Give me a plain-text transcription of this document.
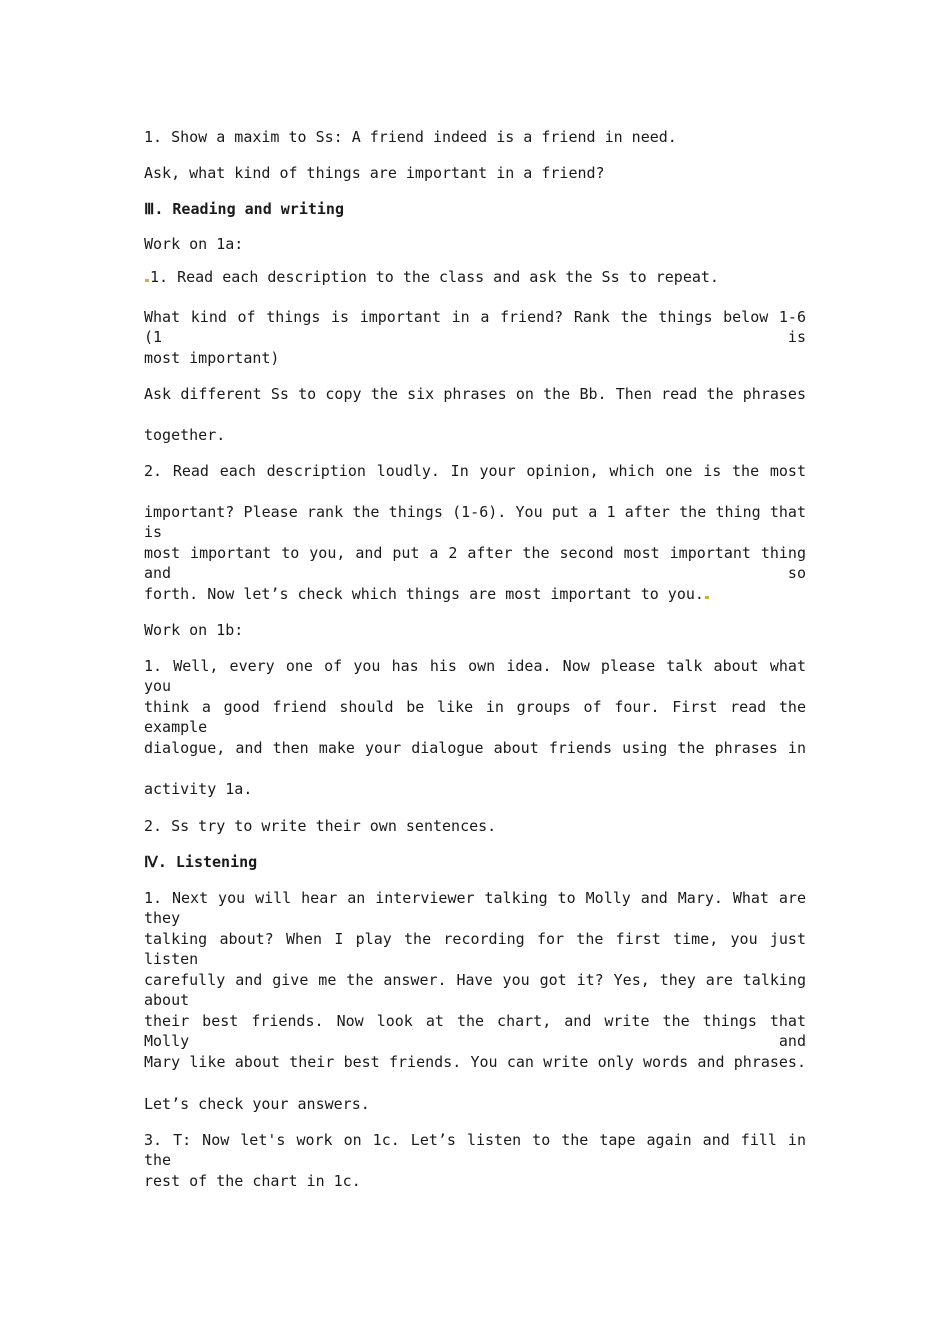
1. Show a maxim to Ss: A friend indeed is a friend in need.
Ask, what kind of things are important in a friend?
Ⅲ. Reading and writing
Work on 1a:
1. Read each description to the class and ask the Ss to repeat.
What kind of things is important in a friend? Rank the things below 1-6 (1 is
most important)
Ask different Ss to copy the six phrases on the Bb. Then read the phrases
together.
2. Read each description loudly. In your opinion, which one is the most
important? Please rank the things (1-6). You put a 1 after the thing that is
most important to you, and put a 2 after the second most important thing and so
forth. Now let’s check which things are most important to you.
Work on 1b:
1. Well, every one of you has his own idea. Now please talk about what you
think a good friend should be like in groups of four. First read the example
dialogue, and then make your dialogue about friends using the phrases in
activity 1a.
2. Ss try to write their own sentences.
Ⅳ. Listening
1. Next you will hear an interviewer talking to Molly and Mary. What are they
talking about? When I play the recording for the first time, you just listen
carefully and give me the answer. Have you got it? Yes, they are talking about
their best friends. Now look at the chart, and write the things that Molly and
Mary like about their best friends. You can write only words and phrases.
Let’s check your answers.
3. T: Now let's work on 1c. Let’s listen to the tape again and fill in the
rest of the chart in 1c.
